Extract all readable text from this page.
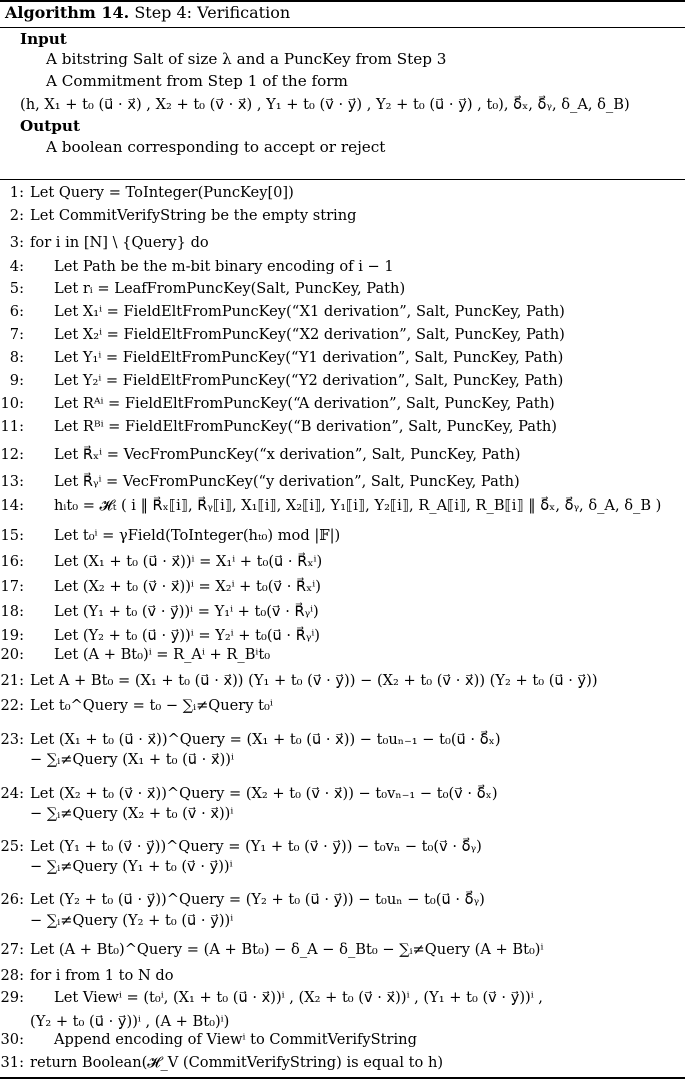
Algorithm 14. Step 4: Verification
Input
A bitstring Salt of size λ and a PuncKey from Step 3
A Commitment from Step 1 of the form
(h, X₁ + t₀ (u⃗ · x⃗) , X₂ + t₀ (v⃗ · x⃗) , Y₁ + t₀ (v⃗ · y⃗) , Y₂ + t₀ (u⃗ · y⃗) , t₀), δ⃗ₓ, δ⃗ᵧ, δ_A, δ_B)
Output
A boolean corresponding to accept or reject
1: Let Query = ToInteger(PuncKey[0])
2: Let CommitVerifyString be the empty string
3: for i in [N] \ {Query} do
4: Let Path be the m-bit binary encoding of i − 1
5: Let rᵢ = LeafFromPuncKey(Salt, PuncKey, Path)
6: Let X₁ⁱ = FieldEltFromPuncKey(“X1 derivation”, Salt, PuncKey, Path)
7: Let X₂ⁱ = FieldEltFromPuncKey(“X2 derivation”, Salt, PuncKey, Path)
8: Let Y₁ⁱ = FieldEltFromPuncKey(“Y1 derivation”, Salt, PuncKey, Path)
9: Let Y₂ⁱ = FieldEltFromPuncKey(“Y2 derivation”, Salt, PuncKey, Path)
10: Let Rᴬⁱ = FieldEltFromPuncKey(“A derivation”, Salt, PuncKey, Path)
11: Let Rᴮⁱ = FieldEltFromPuncKey(“B derivation”, Salt, PuncKey, Path)
12: Let R⃗ₓⁱ = VecFromPuncKey(“x derivation”, Salt, PuncKey, Path)
13: Let R⃗ᵧⁱ = VecFromPuncKey(“y derivation”, Salt, PuncKey, Path)
14: hᵢt₀ = 𝓗ₜ ( i ‖ R⃗ₓ⟦i⟧, R⃗ᵧ⟦i⟧, X₁⟦i⟧, X₂⟦i⟧, Y₁⟦i⟧, Y₂⟦i⟧, R_A⟦i⟧, R_B⟦i⟧ ‖ δ⃗ₓ, δ⃗ᵧ, δ_A, δ_B )
15: Let t₀ⁱ = γField(ToInteger(hₜ₀) mod |𝔽|)
16: Let (X₁ + t₀ (u⃗ · x⃗))ⁱ = X₁ⁱ + t₀(u⃗ · R⃗ₓⁱ)
17: Let (X₂ + t₀ (v⃗ · x⃗))ⁱ = X₂ⁱ + t₀(v⃗ · R⃗ₓⁱ)
18: Let (Y₁ + t₀ (v⃗ · y⃗))ⁱ = Y₁ⁱ + t₀(v⃗ · R⃗ᵧⁱ)
19: Let (Y₂ + t₀ (u⃗ · y⃗))ⁱ = Y₂ⁱ + t₀(u⃗ · R⃗ᵧⁱ)
20: Let (A + Bt₀)ⁱ = R_Aⁱ + R_Bⁱt₀
21: Let A + Bt₀ = (X₁ + t₀ (u⃗ · x⃗)) (Y₁ + t₀ (v⃗ · y⃗)) − (X₂ + t₀ (v⃗ · x⃗)) (Y₂ + t₀ (u⃗ · y⃗))
22: Let t₀^Query = t₀ − ∑ᵢ≠Query t₀ⁱ
23: Let (X₁ + t₀ (u⃗ · x⃗))^Query = (X₁ + t₀ (u⃗ · x⃗)) − t₀uₙ₋₁ − t₀(u⃗ · δ⃗ₓ)
− ∑ᵢ≠Query (X₁ + t₀ (u⃗ · x⃗))ⁱ
24: Let (X₂ + t₀ (v⃗ · x⃗))^Query = (X₂ + t₀ (v⃗ · x⃗)) − t₀vₙ₋₁ − t₀(v⃗ · δ⃗ₓ)
− ∑ᵢ≠Query (X₂ + t₀ (v⃗ · x⃗))ⁱ
25: Let (Y₁ + t₀ (v⃗ · y⃗))^Query = (Y₁ + t₀ (v⃗ · y⃗)) − t₀vₙ − t₀(v⃗ · δ⃗ᵧ)
− ∑ᵢ≠Query (Y₁ + t₀ (v⃗ · y⃗))ⁱ
26: Let (Y₂ + t₀ (u⃗ · y⃗))^Query = (Y₂ + t₀ (u⃗ · y⃗)) − t₀uₙ − t₀(u⃗ · δ⃗ᵧ)
− ∑ᵢ≠Query (Y₂ + t₀ (u⃗ · y⃗))ⁱ
27: Let (A + Bt₀)^Query = (A + Bt₀) − δ_A − δ_Bt₀ − ∑ᵢ≠Query (A + Bt₀)ⁱ
28: for i from 1 to N do
29: Let Viewⁱ = (t₀ⁱ, (X₁ + t₀ (u⃗ · x⃗))ⁱ , (X₂ + t₀ (v⃗ · x⃗))ⁱ , (Y₁ + t₀ (v⃗ · y⃗))ⁱ ,
(Y₂ + t₀ (u⃗ · y⃗))ⁱ , (A + Bt₀)ⁱ)
30: Append encoding of Viewⁱ to CommitVerifyString
31: return Boolean(𝓗_V (CommitVerifyString) is equal to h)
